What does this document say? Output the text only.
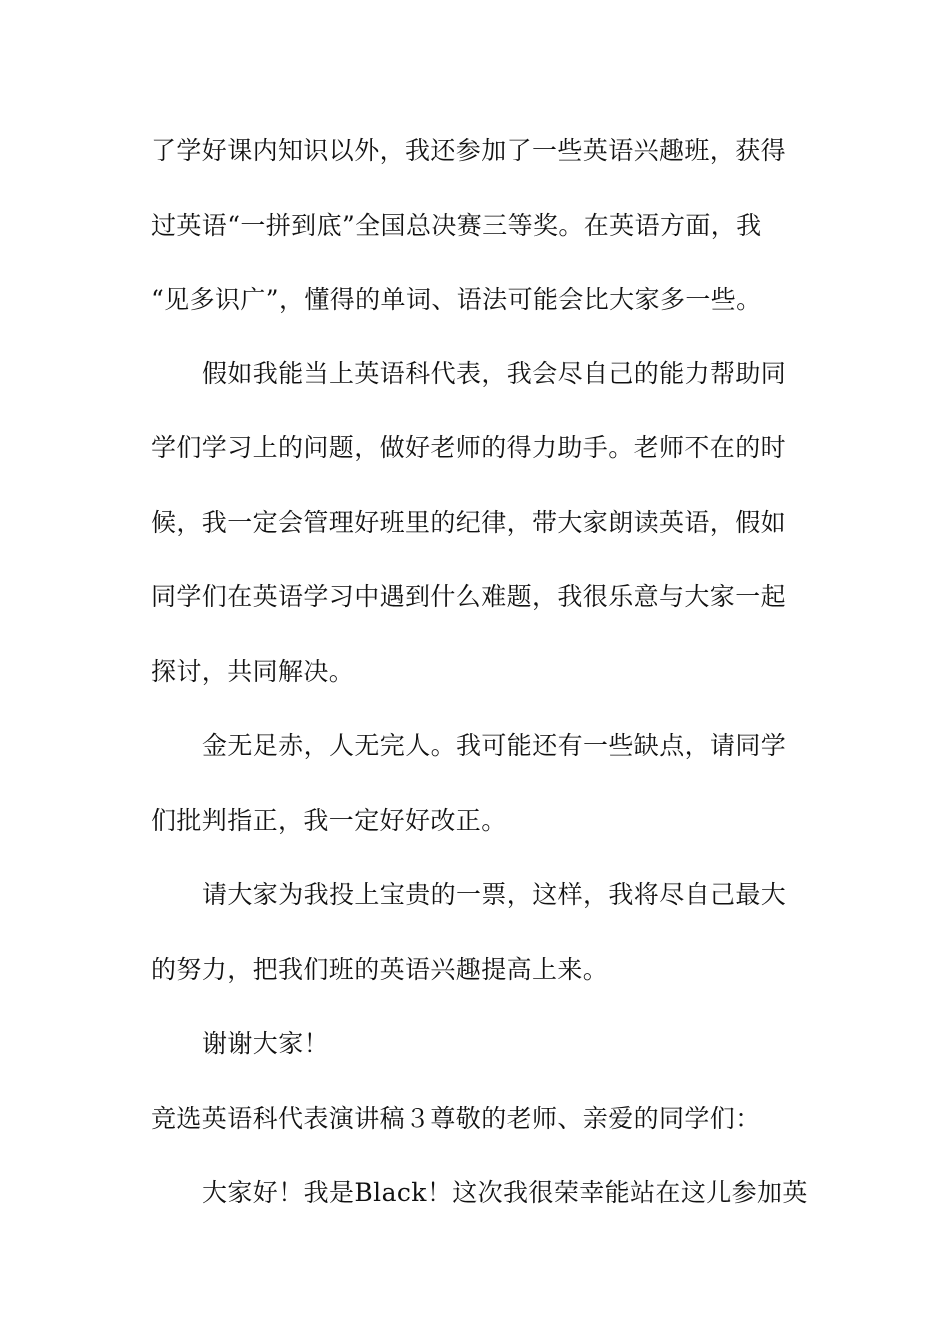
了学好课内知识以外，我还参加了一些英语兴趣班，获得
过英语“一拼到底”全国总决赛三等奖。在英语方面，我
“见多识广”，懂得的单词、语法可能会比大家多一些。
假如我能当上英语科代表，我会尽自己的能力帮助同
学们学习上的问题，做好老师的得力助手。老师不在的时
候，我一定会管理好班里的纪律，带大家朗读英语，假如
同学们在英语学习中遇到什么难题，我很乐意与大家一起
探讨，共同解决。
金无足赤，人无完人。我可能还有一些缺点，请同学
们批判指正，我一定好好改正。
请大家为我投上宝贵的一票，这样，我将尽自己最大
的努力，把我们班的英语兴趣提高上来。
谢谢大家！
竞选英语科代表演讲稿３尊敬的老师、亲爱的同学们：
大家好！我是Black！这次我很荣幸能站在这儿参加英
